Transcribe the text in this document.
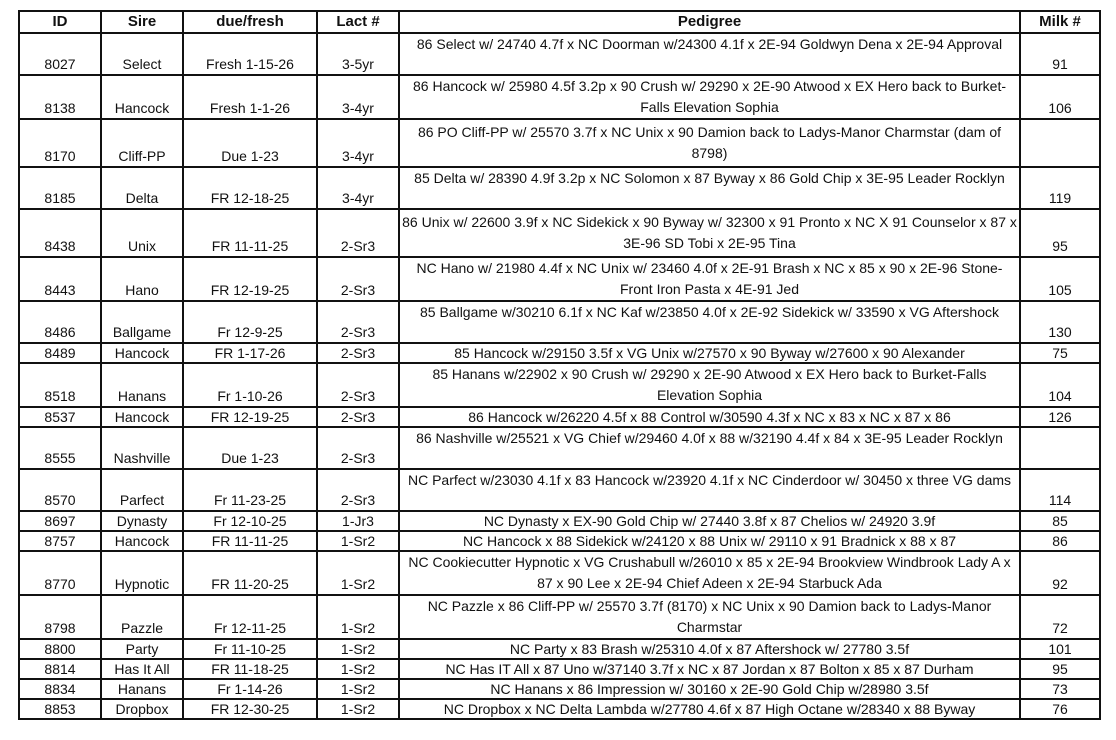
ID	Sire	due/fresh	Lact #	Pedigree	Milk #
8027	Select	Fresh 1-15-26	3-5yr	86 Select w/ 24740 4.7f x NC Doorman w/24300 4.1f x 2E-94 Goldwyn Dena x 2E-94 Approval	91
8138	Hancock	Fresh 1-1-26	3-4yr	86 Hancock w/ 25980 4.5f 3.2p x 90 Crush w/ 29290 x 2E-90 Atwood x EX Hero back to Burket-Falls Elevation Sophia	106
8170	Cliff-PP	Due 1-23	3-4yr	86 PO Cliff-PP w/ 25570 3.7f x NC Unix x 90 Damion back to Ladys-Manor Charmstar (dam of 8798)	
8185	Delta	FR 12-18-25	3-4yr	85 Delta w/ 28390 4.9f 3.2p x NC Solomon x 87 Byway x 86 Gold Chip x 3E-95 Leader Rocklyn	119
8438	Unix	FR 11-11-25	2-Sr3	86 Unix w/ 22600 3.9f x NC Sidekick x 90 Byway w/ 32300 x 91 Pronto x NC X 91 Counselor x 87 x 3E-96 SD Tobi x 2E-95 Tina	95
8443	Hano	FR 12-19-25	2-Sr3	NC Hano w/ 21980 4.4f x NC Unix w/ 23460 4.0f x 2E-91 Brash x NC x 85 x 90 x 2E-96 Stone-Front Iron Pasta x 4E-91 Jed	105
8486	Ballgame	Fr 12-9-25	2-Sr3	85 Ballgame w/30210 6.1f x NC Kaf w/23850 4.0f x 2E-92 Sidekick w/ 33590 x VG Aftershock	130
8489	Hancock	FR 1-17-26	2-Sr3	85 Hancock w/29150 3.5f x VG Unix w/27570 x 90 Byway w/27600 x 90 Alexander	75
8518	Hanans	Fr 1-10-26	2-Sr3	85 Hanans w/22902 x 90 Crush w/ 29290 x 2E-90 Atwood x EX Hero back to Burket-Falls Elevation Sophia	104
8537	Hancock	FR 12-19-25	2-Sr3	86 Hancock w/26220 4.5f x 88 Control w/30590 4.3f x NC x 83 x NC x 87 x 86	126
8555	Nashville	Due 1-23	2-Sr3	86 Nashville w/25521 x VG Chief w/29460 4.0f x 88 w/32190 4.4f x 84 x 3E-95 Leader Rocklyn	
8570	Parfect	Fr 11-23-25	2-Sr3	NC Parfect w/23030 4.1f x 83 Hancock w/23920 4.1f x NC Cinderdoor w/ 30450 x three VG dams	114
8697	Dynasty	Fr 12-10-25	1-Jr3	NC Dynasty x EX-90 Gold Chip w/ 27440 3.8f x 87 Chelios w/ 24920 3.9f	85
8757	Hancock	FR 11-11-25	1-Sr2	NC Hancock x 88 Sidekick w/24120 x 88 Unix w/ 29110 x 91 Bradnick x 88 x 87	86
8770	Hypnotic	FR 11-20-25	1-Sr2	NC Cookiecutter Hypnotic x VG Crushabull w/26010 x 85 x 2E-94 Brookview Windbrook Lady A x 87 x 90 Lee x 2E-94 Chief Adeen x 2E-94 Starbuck Ada	92
8798	Pazzle	Fr 12-11-25	1-Sr2	NC Pazzle x 86 Cliff-PP w/ 25570 3.7f (8170) x NC Unix x 90 Damion back to Ladys-Manor Charmstar	72
8800	Party	Fr 11-10-25	1-Sr2	NC Party x 83 Brash w/25310 4.0f x 87 Aftershock w/ 27780 3.5f	101
8814	Has It All	FR 11-18-25	1-Sr2	NC Has IT All x 87 Uno w/37140 3.7f x NC x 87 Jordan x 87 Bolton x 85 x 87 Durham	95
8834	Hanans	Fr 1-14-26	1-Sr2	NC Hanans x 86 Impression w/ 30160 x 2E-90 Gold Chip w/28980 3.5f	73
8853	Dropbox	FR 12-30-25	1-Sr2	NC Dropbox x NC Delta Lambda w/27780 4.6f x 87 High Octane w/28340 x 88 Byway	76
